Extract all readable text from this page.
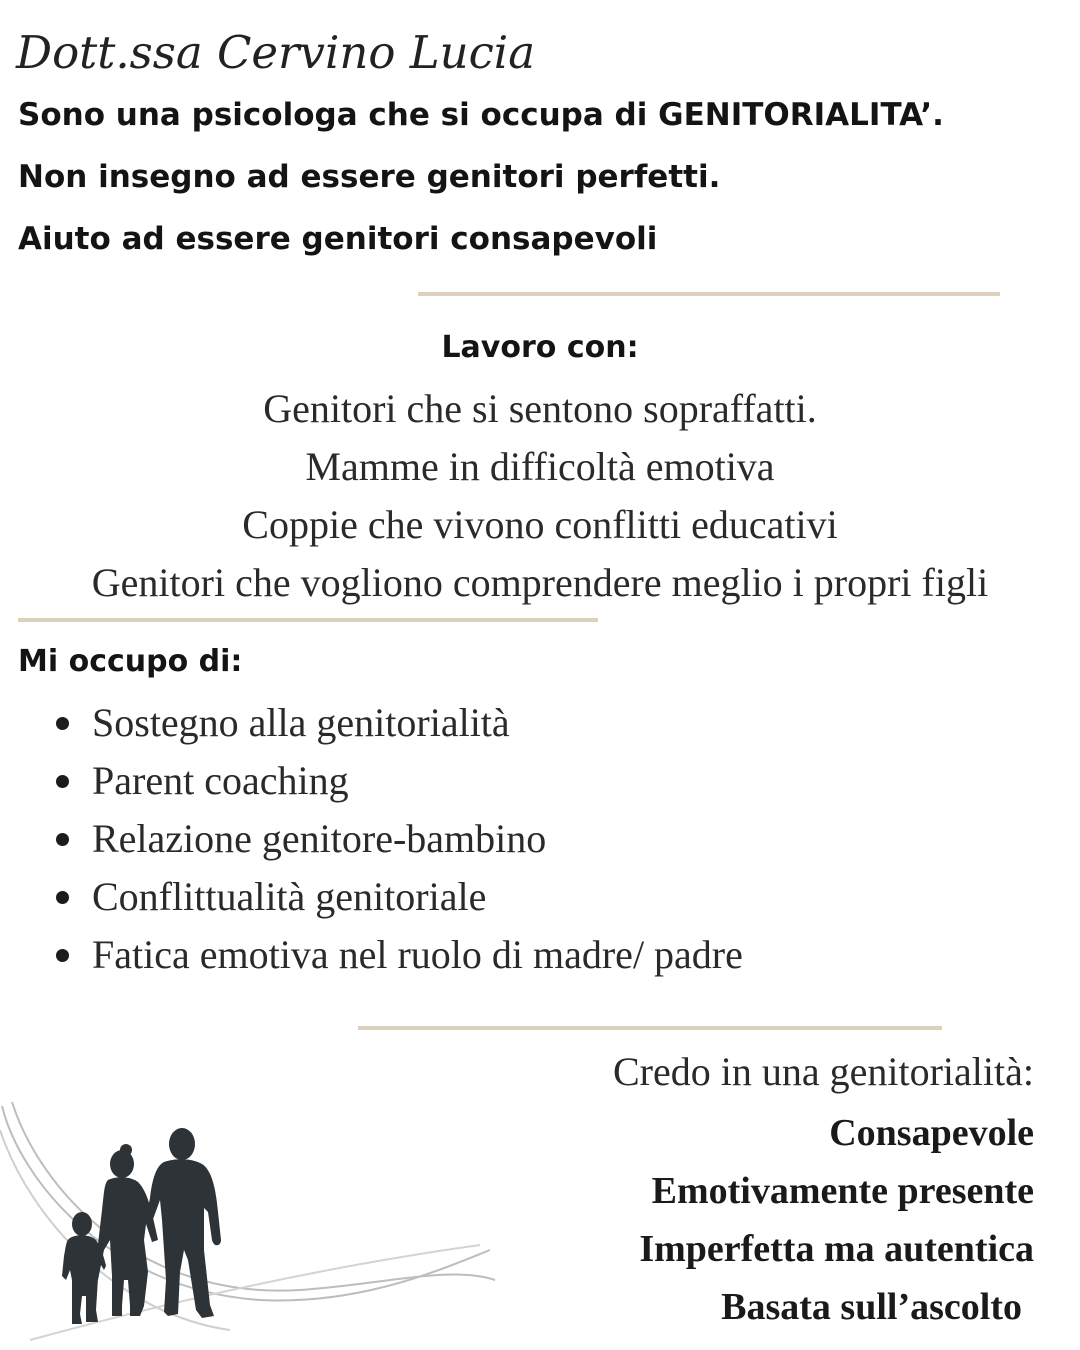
Dott.ssa Cervino Lucia
Sono una psicologa che si occupa di GENITORIALITA’.
Non insegno ad essere genitori perfetti.
Aiuto ad essere genitori consapevoli
Lavoro con:
Genitori che si sentono sopraffatti.
Mamme in difficoltà emotiva
Coppie che vivono conflitti educativi
Genitori che vogliono comprendere meglio i propri figli
Mi occupo di:
Sostegno alla genitorialità
Parent coaching
Relazione genitore-bambino
Conflittualità genitoriale
Fatica emotiva nel ruolo di madre/ padre
Credo in una genitorialità:
Consapevole
Emotivamente presente
Imperfetta ma autentica
Basata sull’ascolto
